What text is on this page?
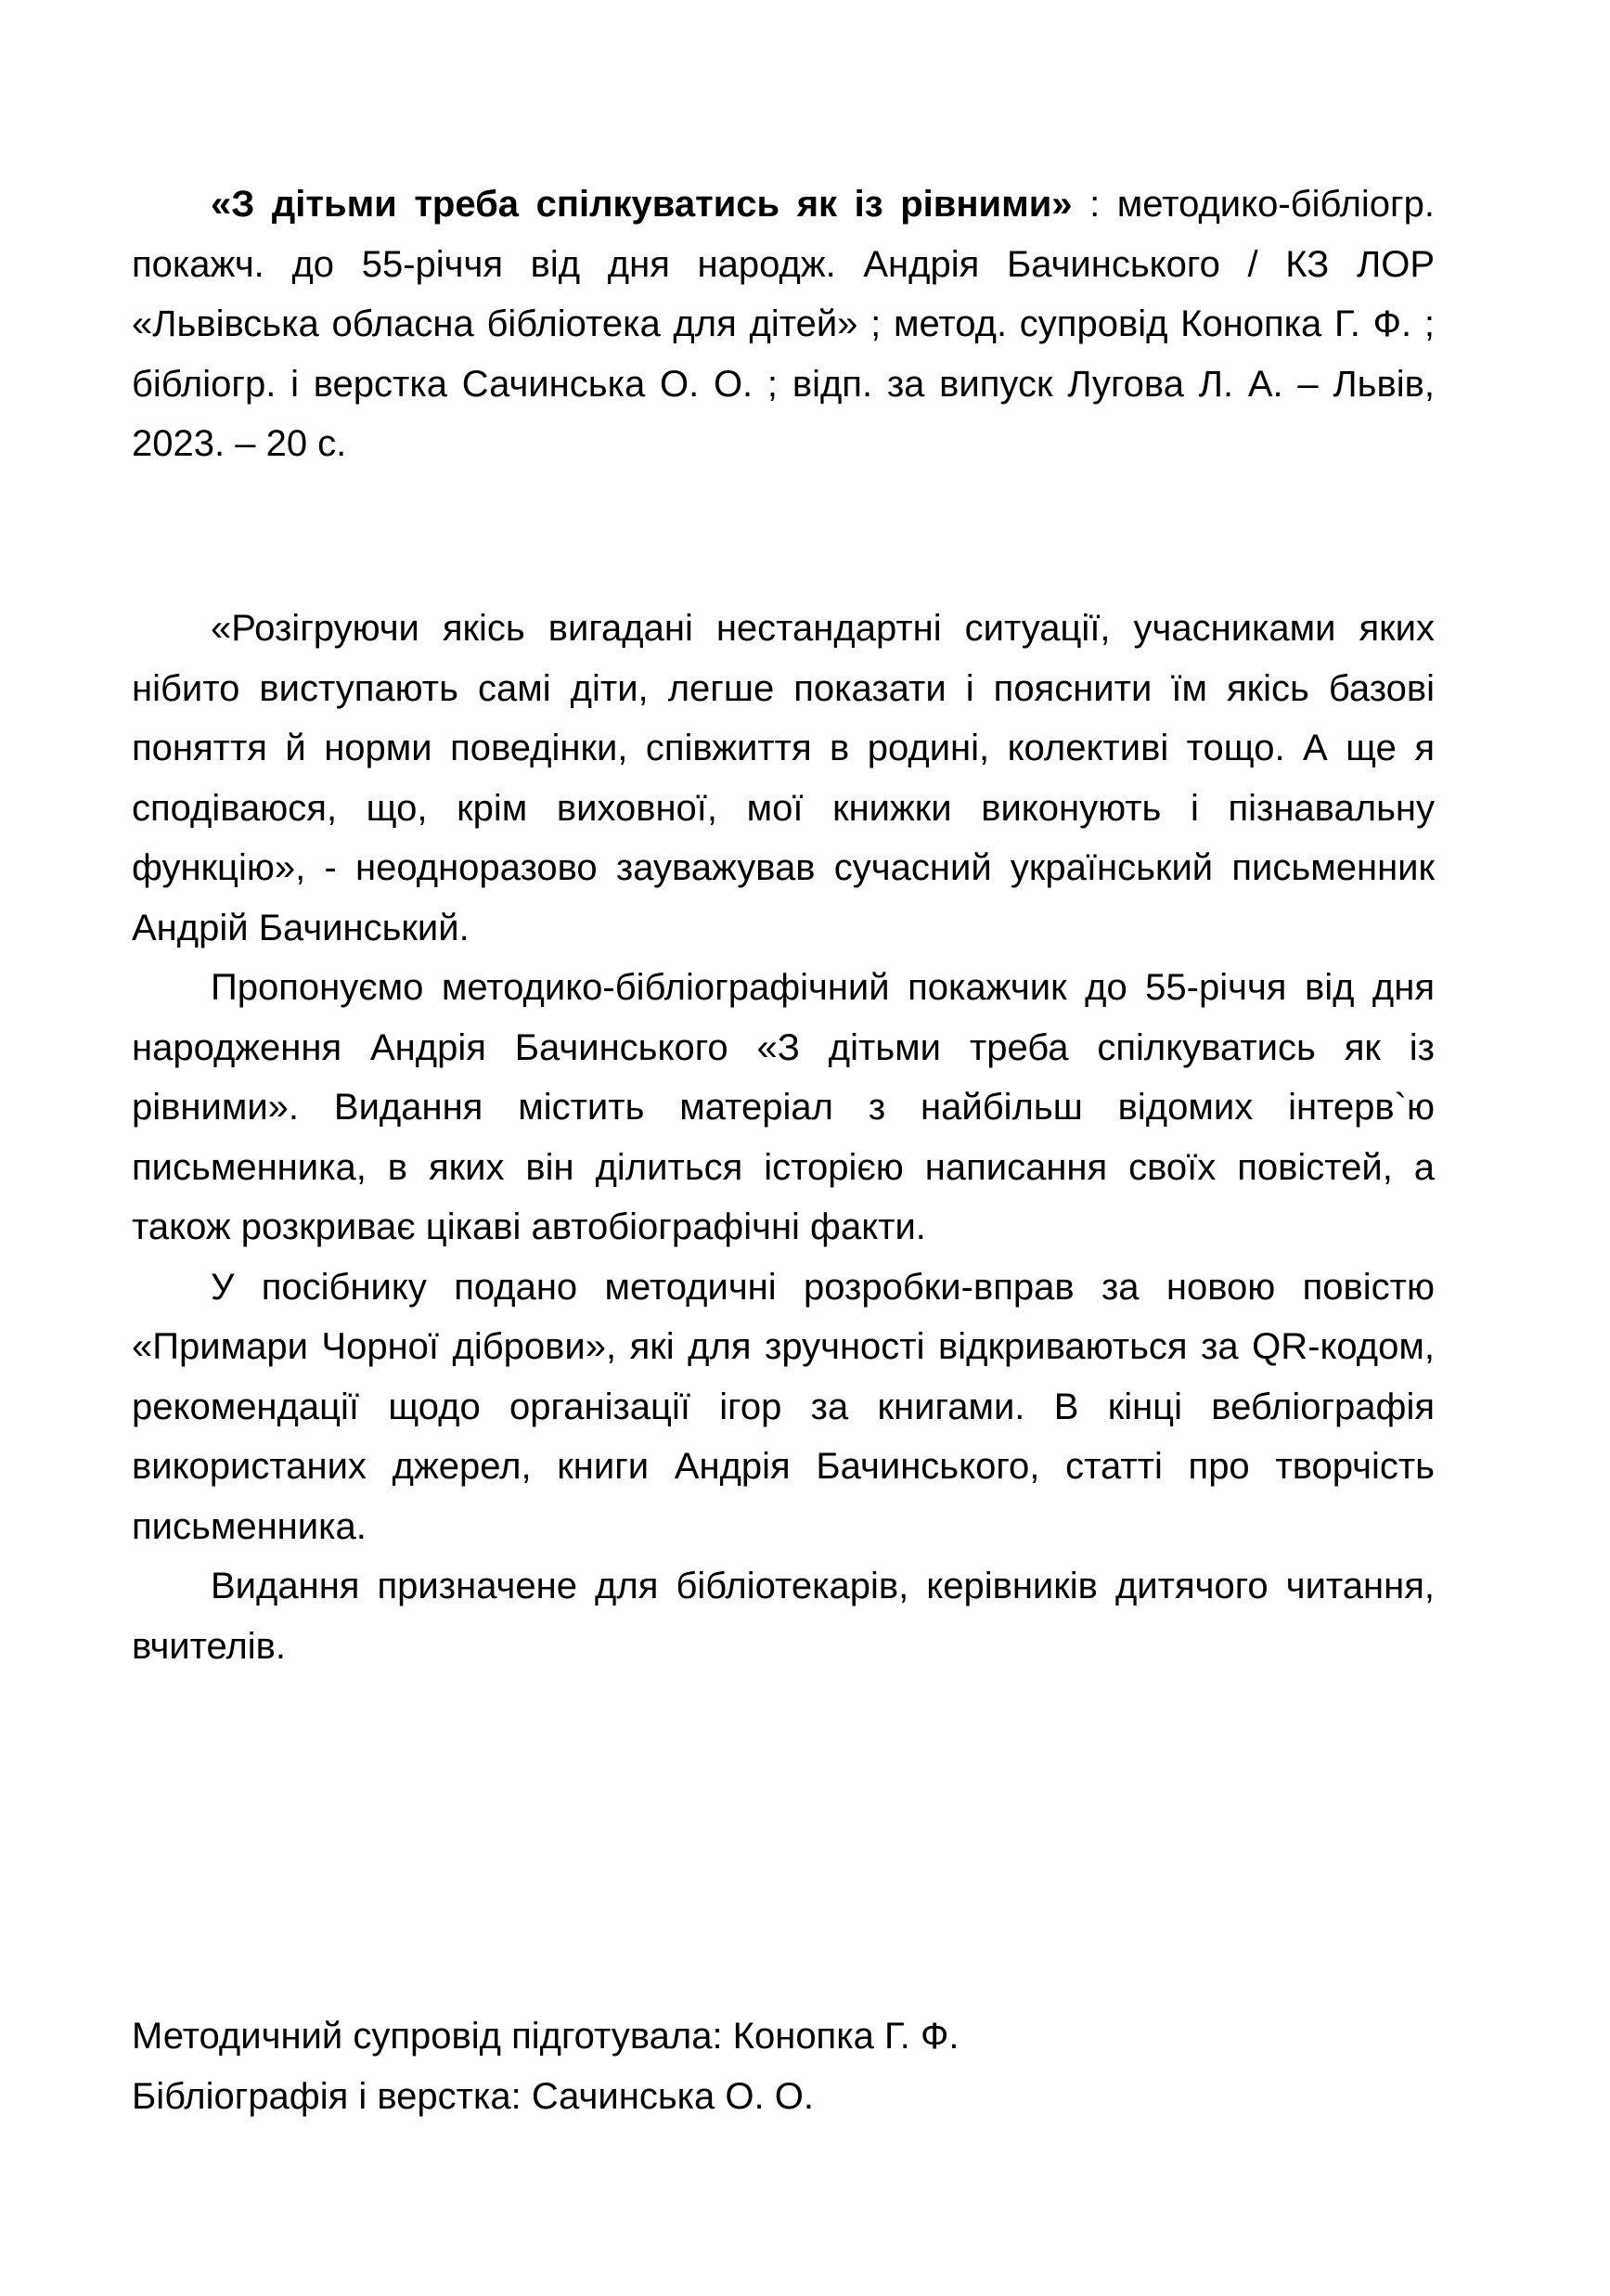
«З дітьми треба спілкуватись як із рівними» : методико-бібліогр. покажч. до 55-річчя від дня народж. Андрія Бачинського / КЗ ЛОР «Львівська обласна бібліотека для дітей» ; метод. супровід Конопка Г. Ф. ; бібліогр. і верстка Сачинська О. О. ; відп. за випуск Лугова Л. А. – Львів, 2023. – 20 с.

«Розігруючи якісь вигадані нестандартні ситуації, учасниками яких нібито виступають самі діти, легше показати і пояснити їм якісь базові поняття й норми поведінки, співжиття в родині, колективі тощо. А ще я сподіваюся, що, крім виховної, мої книжки виконують і пізнавальну функцію», - неодноразово зауважував сучасний український письменник Андрій Бачинський.

Пропонуємо методико-бібліографічний покажчик до 55-річчя від дня народження Андрія Бачинського «З дітьми треба спілкуватись як із рівними». Видання містить матеріал з найбільш відомих інтерв`ю письменника, в яких він ділиться історією написання своїх повістей, а також розкриває цікаві автобіографічні факти.

У посібнику подано методичні розробки-вправ за новою повістю «Примари Чорної діброви», які для зручності відкриваються за QR-кодом, рекомендації щодо організації ігор за книгами. В кінці вебліографія використаних джерел, книги Андрія Бачинського, статті про творчість письменника.

Видання призначене для бібліотекарів, керівників дитячого читання, вчителів.

Методичний супровід підготувала: Конопка Г. Ф.

Бібліографія і верстка: Сачинська О. О.
